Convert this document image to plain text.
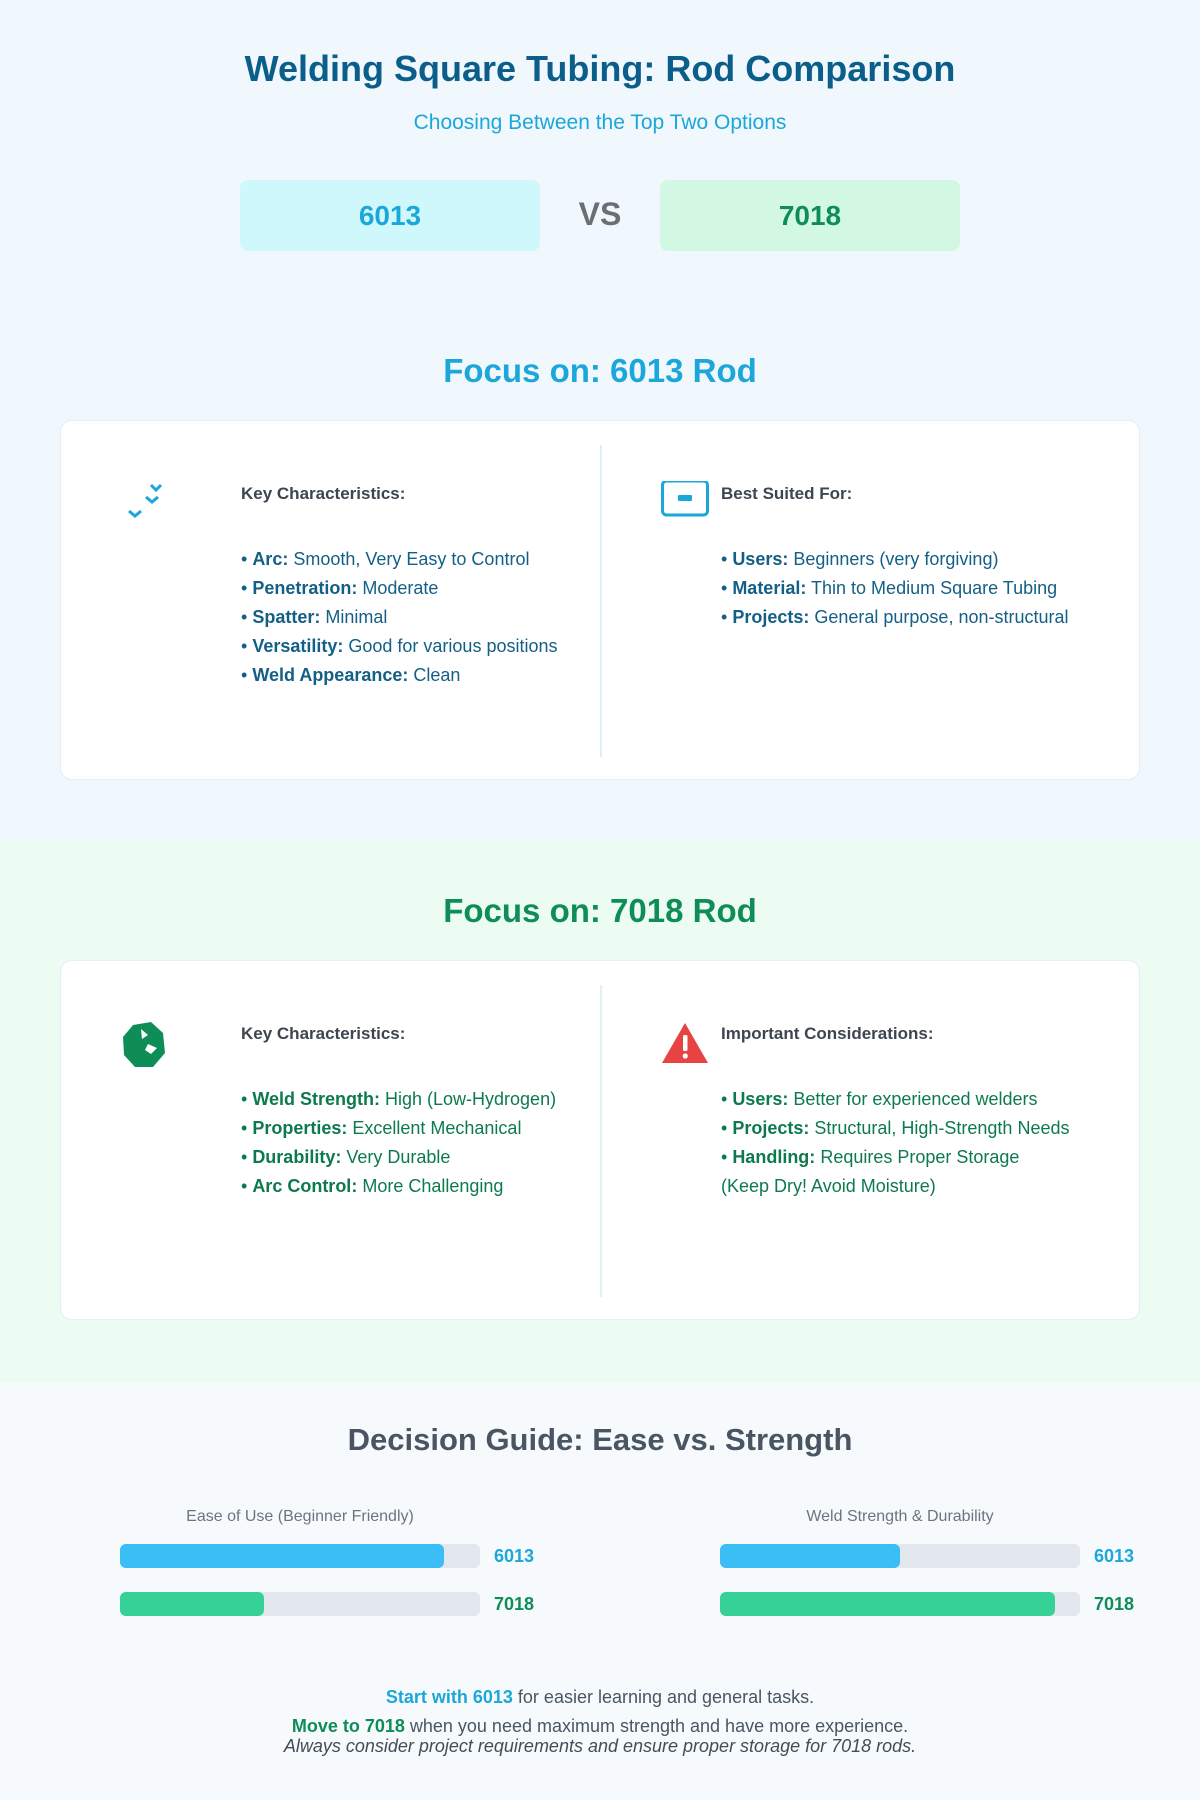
Welding Square Tubing: Rod Comparison
Choosing Between the Top Two Options
6013	VS	7018
Focus on: 6013 Rod
Key Characteristics:
• Arc: Smooth, Very Easy to Control
• Penetration: Moderate
• Spatter: Minimal
• Versatility: Good for various positions
• Weld Appearance: Clean
Best Suited For:
• Users: Beginners (very forgiving)
• Material: Thin to Medium Square Tubing
• Projects: General purpose, non-structural
Focus on: 7018 Rod
Key Characteristics:
• Weld Strength: High (Low-Hydrogen)
• Properties: Excellent Mechanical
• Durability: Very Durable
• Arc Control: More Challenging
Important Considerations:
• Users: Better for experienced welders
• Projects: Structural, High-Strength Needs
• Handling: Requires Proper Storage
(Keep Dry! Avoid Moisture)
Decision Guide: Ease vs. Strength
Ease of Use (Beginner Friendly)
6013
7018
Weld Strength & Durability
6013
7018

Start with 6013 for easier learning and general tasks.

Move to 7018 when you need maximum strength and have more experience.

Always consider project requirements and ensure proper storage for 7018 rods.
